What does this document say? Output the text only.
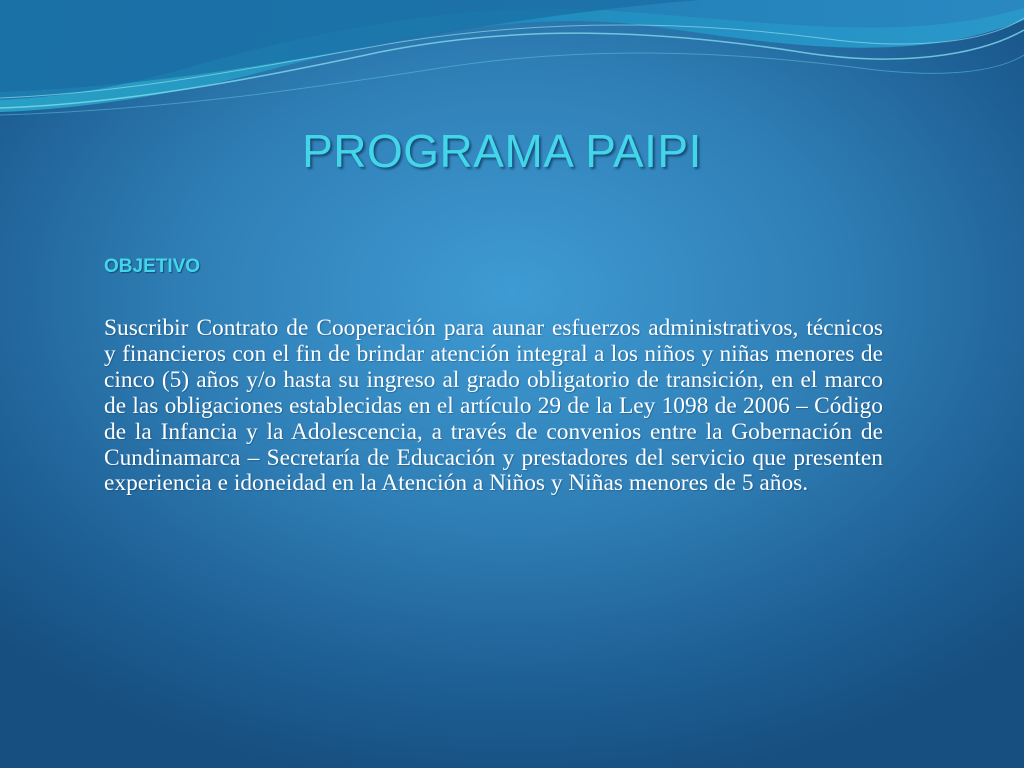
PROGRAMA PAIPI
OBJETIVO

Suscribir Contrato de Cooperación para aunar esfuerzos administrativos, técnicos y financieros con el fin de brindar atención integral a los niños y niñas menores de cinco (5) años y/o hasta su ingreso al grado obligatorio de transición, en el marco de las obligaciones establecidas en el artículo 29 de la Ley 1098 de 2006 – Código de la Infancia y la Adolescencia, a través de convenios entre la Gobernación de Cundinamarca – Secretaría de Educación y prestadores del servicio que presenten experiencia e idoneidad en la Atención a Niños y Niñas menores de 5 años.
